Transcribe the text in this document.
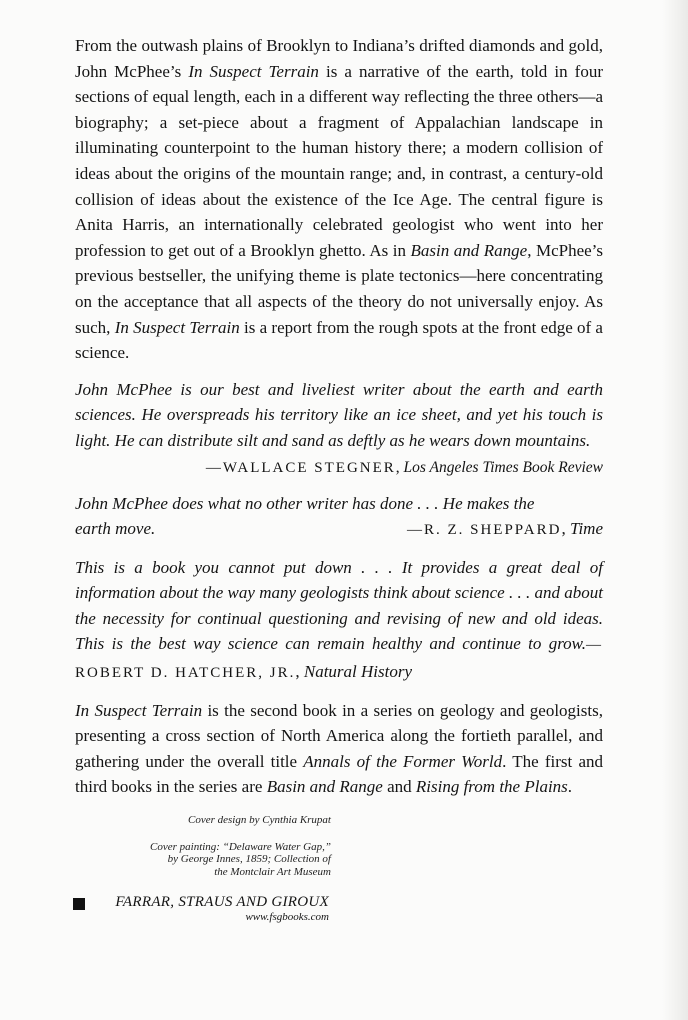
From the outwash plains of Brooklyn to Indiana’s drifted diamonds and gold, John McPhee’s In Suspect Terrain is a narrative of the earth, told in four sections of equal length, each in a different way reflecting the three others—a biography; a set-piece about a fragment of Appalachian landscape in illuminating counterpoint to the human history there; a modern collision of ideas about the origins of the mountain range; and, in contrast, a century-old collision of ideas about the existence of the Ice Age. The central figure is Anita Harris, an internationally celebrated geologist who went into her profession to get out of a Brooklyn ghetto. As in Basin and Range, McPhee’s previous bestseller, the unifying theme is plate tectonics—here concentrating on the acceptance that all aspects of the theory do not universally enjoy. As such, In Suspect Terrain is a report from the rough spots at the front edge of a science.

John McPhee is our best and liveliest writer about the earth and earth sciences. He overspreads his territory like an ice sheet, and yet his touch is light. He can distribute silt and sand as deftly as he wears down mountains.

—WALLACE STEGNER, Los Angeles Times Book Review

John McPhee does what no other writer has done . . . He makes the

earth move.	—R. Z. SHEPPARD, Time

This is a book you cannot put down . . . It provides a great deal of information about the way many geologists think about science . . . and about the necessity for continual questioning and revising of new and old ideas. This is the best way science can remain healthy and continue to grow.—ROBERT D. HATCHER, JR., Natural History

In Suspect Terrain is the second book in a series on geology and geologists, presenting a cross section of North America along the fortieth parallel, and gathering under the overall title Annals of the Former World. The first and third books in the series are Basin and Range and Rising from the Plains.

Cover design by Cynthia Krupat
Cover painting: “Delaware Water Gap,”
by George Innes, 1859; Collection of
the Montclair Art Museum
FARRAR, STRAUS AND GIROUX
www.fsgbooks.com
